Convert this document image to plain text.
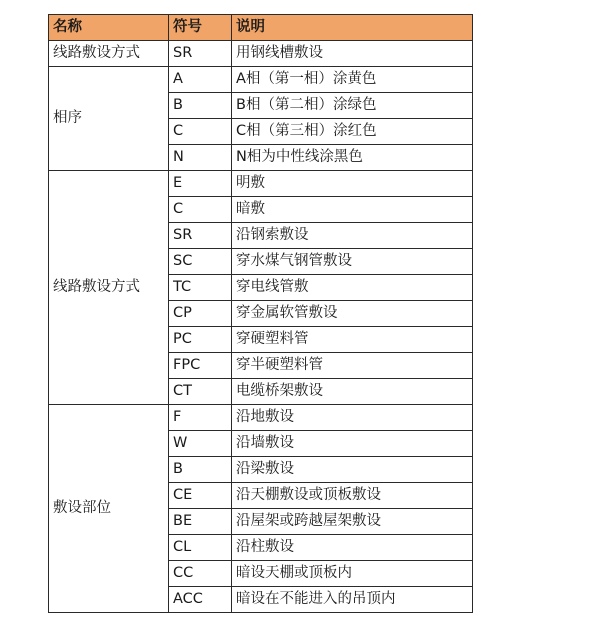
名称	符号	说明
线路敷设方式	SR	用钢线槽敷设
相序	A	A相（第一相）涂黄色
	B	B相（第二相）涂绿色
	C	C相（第三相）涂红色
	N	N相为中性线涂黑色
线路敷设方式	E	明敷
	C	暗敷
	SR	沿钢索敷设
	SC	穿水煤气钢管敷设
	TC	穿电线管敷
	CP	穿金属软管敷设
	PC	穿硬塑料管
	FPC	穿半硬塑料管
	CT	电缆桥架敷设
敷设部位	F	沿地敷设
	W	沿墙敷设
	B	沿梁敷设
	CE	沿天棚敷设或顶板敷设
	BE	沿屋架或跨越屋架敷设
	CL	沿柱敷设
	CC	暗设天棚或顶板内
	ACC	暗设在不能进入的吊顶内
